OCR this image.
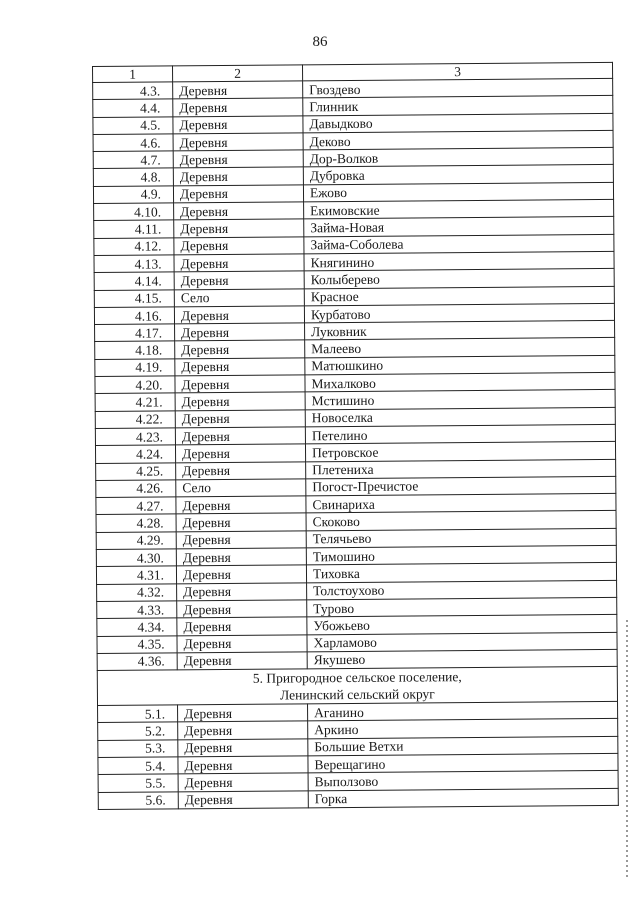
86
1	2	3
4.3.	Деревня	Гвоздево
4.4.	Деревня	Глинник
4.5.	Деревня	Давыдково
4.6.	Деревня	Деково
4.7.	Деревня	Дор-Волков
4.8.	Деревня	Дубровка
4.9.	Деревня	Ежово
4.10.	Деревня	Екимовские
4.11.	Деревня	Займа-Новая
4.12.	Деревня	Займа-Соболева
4.13.	Деревня	Княгинино
4.14.	Деревня	Колыберево
4.15.	Село	Красное
4.16.	Деревня	Курбатово
4.17.	Деревня	Луковник
4.18.	Деревня	Малеево
4.19.	Деревня	Матюшкино
4.20.	Деревня	Михалково
4.21.	Деревня	Мстишино
4.22.	Деревня	Новоселка
4.23.	Деревня	Петелино
4.24.	Деревня	Петровское
4.25.	Деревня	Плетениха
4.26.	Село	Погост-Пречистое
4.27.	Деревня	Свинариха
4.28.	Деревня	Скоково
4.29.	Деревня	Телячьево
4.30.	Деревня	Тимошино
4.31.	Деревня	Тиховка
4.32.	Деревня	Толстоухово
4.33.	Деревня	Турово
4.34.	Деревня	Убожьево
4.35.	Деревня	Харламово
4.36.	Деревня	Якушево

5. Пригородное сельское поселение,
Ленинский сельский округ		

5.1.	Деревня	Аганино
5.2.	Деревня	Аркино
5.3.	Деревня	Большие Ветхи
5.4.	Деревня	Верещагино
5.5.	Деревня	Выползово
5.6.	Деревня	Горка
